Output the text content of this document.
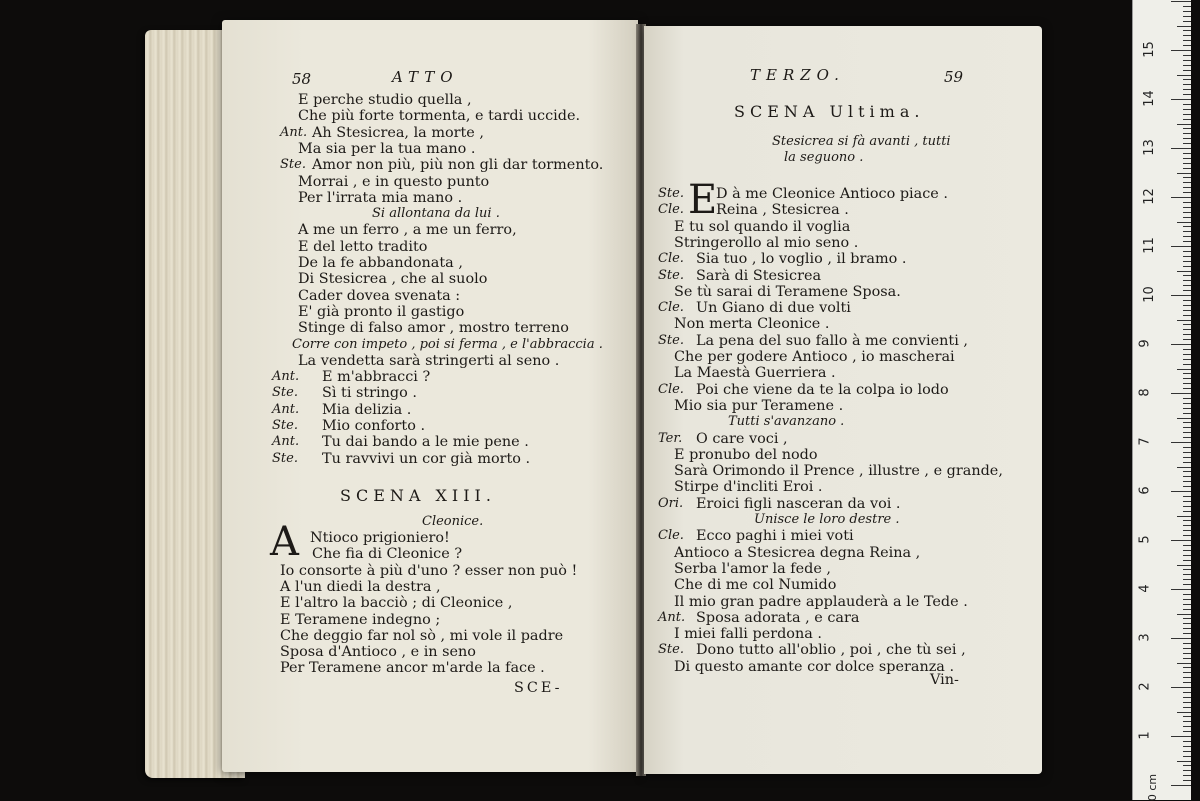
58	ATTO
E perche studio quella ,
Che più forte tormenta, e tardi uccide.
Ant. Ah Stesicrea, la morte ,
Ma sia per la tua mano .
Ste. Amor non più, più non gli dar tormento.
Morrai , e in questo punto
Per l'irrata mia mano .
Si allontana da lui .
A me un ferro , a me un ferro,
E del letto tradito
De la fe abbandonata ,
Di Stesicrea , che al suolo
Cader dovea svenata :
E' già pronto il gastigo
Stinge di falso amor , mostro terreno
Corre con impeto , poi si ferma , e l'abbraccia .
La vendetta sarà stringerti al seno .
Ant. E m'abbracci ?
Ste. Sì ti stringo .
Ant. Mia delizia .
Ste. Mio conforto .
Ant. Tu dai bando a le mie pene .
Ste. Tu ravvivi un cor già morto .
SCENA XIII.
Cleonice.
A Ntioco prigioniero!
Che fia di Cleonice ?
Io consorte à più d'uno ? esser non può !
A l'un diedi la destra ,
E l'altro la bacciò ; di Cleonice ,
E Teramene indegno ;
Che deggio far nol sò , mi vole il padre
Sposa d'Antioco , e in seno
Per Teramene ancor m'arde la face .
SCE-
TERZO.	59
SCENA Ultima.
Stesicrea si fà avanti , tutti
la seguono .
E
Ste. D à me Cleonice Antioco piace .
Cle. Reina , Stesicrea .
E tu sol quando il voglia
Stringerollo al mio seno .
Cle. Sia tuo , lo voglio , il bramo .
Ste. Sarà di Stesicrea
Se tù sarai di Teramene Sposa.
Cle. Un Giano di due volti
Non merta Cleonice .
Ste. La pena del suo fallo à me convienti ,
Che per godere Antioco , io mascherai
La Maestà Guerriera .
Cle. Poi che viene da te la colpa io lodo
Mio sia pur Teramene .
Tutti s'avanzano .
Ter. O care voci ,
E pronubo del nodo
Sarà Orimondo il Prence , illustre , e grande,
Stirpe d'incliti Eroi .
Ori. Eroici figli nasceran da voi .
Unisce le loro destre .
Cle. Ecco paghi i miei voti
Antioco a Stesicrea degna Reina ,
Serba l'amor la fede ,
Che di me col Numido
Il mio gran padre applauderà a le Tede .
Ant. Sposa adorata , e cara
I miei falli perdona .
Ste. Dono tutto all'oblio , poi , che tù sei ,
Di questo amante cor dolce speranza .
Vin-
0 cm
1
2
3
4
5
6
7
8
9
10
11
12
13
14
15
